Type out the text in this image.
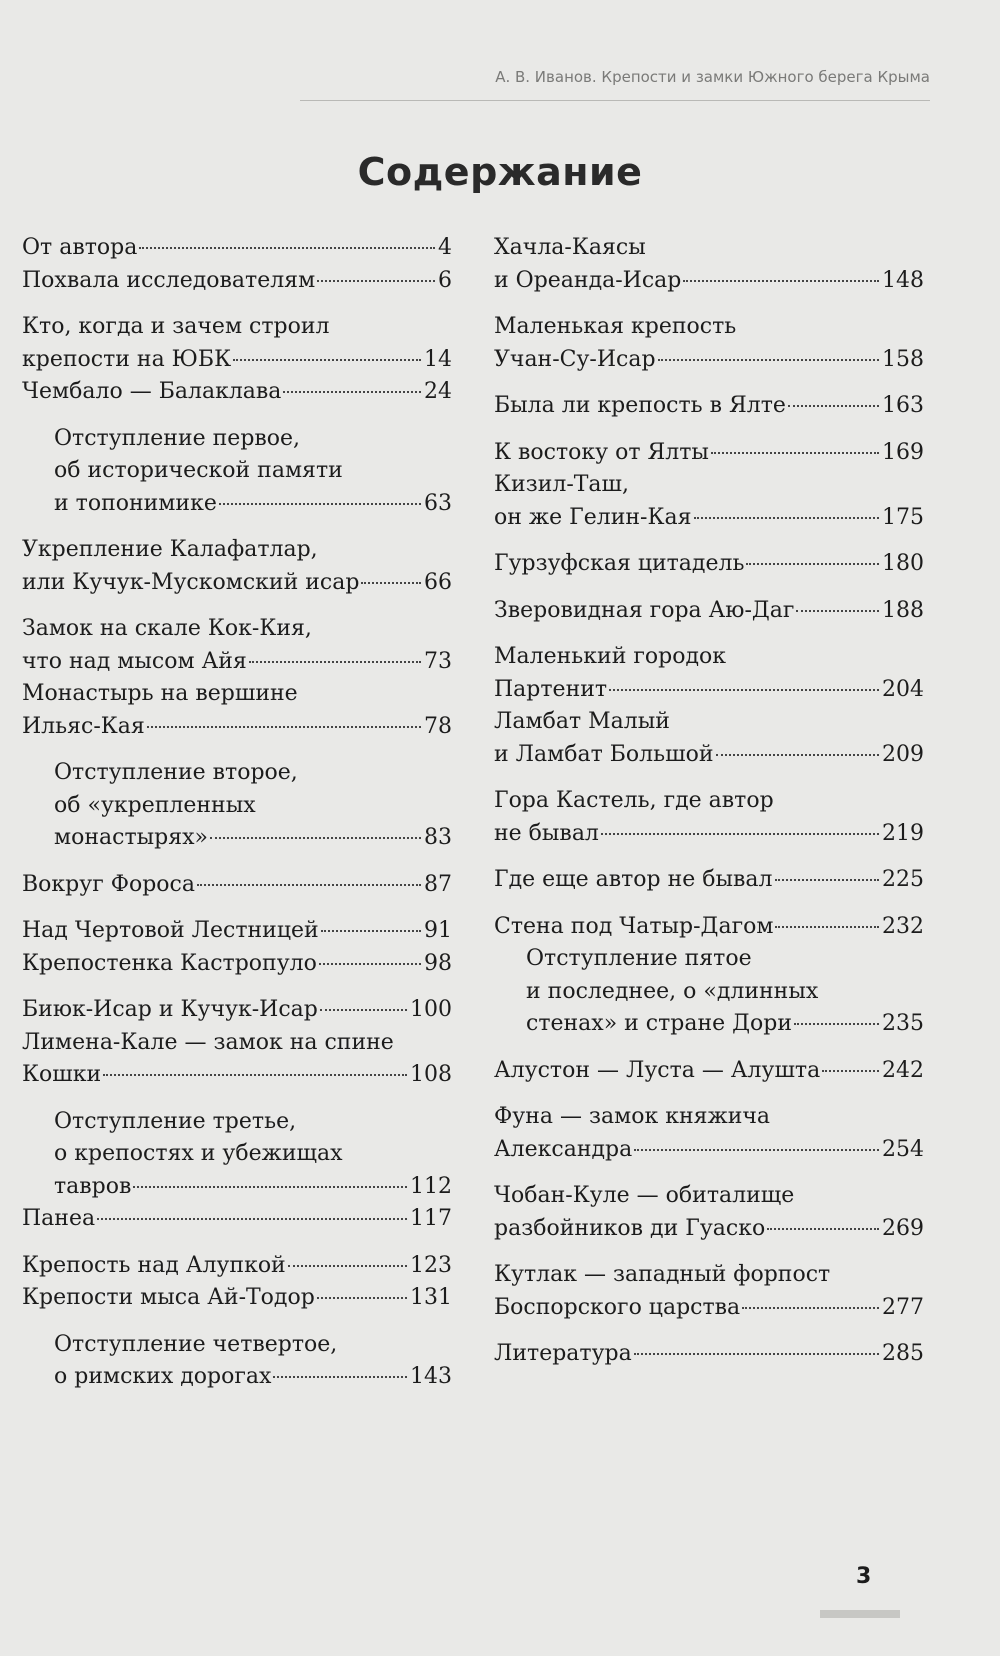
А. В. Иванов. Крепости и замки Южного берега Крыма
Содержание
От автора	4
Похвала исследователям	6
Кто, когда и зачем строил
крепости на ЮБК	14
Чембало — Балаклава	24
Отступление первое,
об исторической памяти
и топонимике	63
Укрепление Калафатлар,
или Кучук-Мускомский исар	66
Замок на скале Кок-Кия,
что над мысом Айя	73
Монастырь на вершине
Ильяс-Кая	78
Отступление второе,
об «укрепленных
монастырях»	83
Вокруг Фороса	87
Над Чертовой Лестницей	91
Крепостенка Кастропуло	98
Биюк-Исар и Кучук-Исар	100
Лимена-Кале — замок на спине
Кошки	108
Отступление третье,
о крепостях и убежищах
тавров	112
Панеа	117
Крепость над Алупкой	123
Крепости мыса Ай-Тодор	131
Отступление четвертое,
о римских дорогах	143
Хачла-Каясы
и Ореанда-Исар	148
Маленькая крепость
Учан-Су-Исар	158
Была ли крепость в Ялте	163
К востоку от Ялты	169
Кизил-Таш,
он же Гелин-Кая	175
Гурзуфская цитадель	180
Зверовидная гора Аю-Даг	188
Маленький городок
Партенит	204
Ламбат Малый
и Ламбат Большой	209
Гора Кастель, где автор
не бывал	219
Где еще автор не бывал	225
Стена под Чатыр-Дагом	232
Отступление пятое
и последнее, о «длинных
стенах» и стране Дори	235
Алустон — Луста — Алушта	242
Фуна — замок княжича
Александра	254
Чобан-Куле — обиталище
разбойников ди Гуаско	269
Кутлак — западный форпост
Боспорского царства	277
Литература	285
3
